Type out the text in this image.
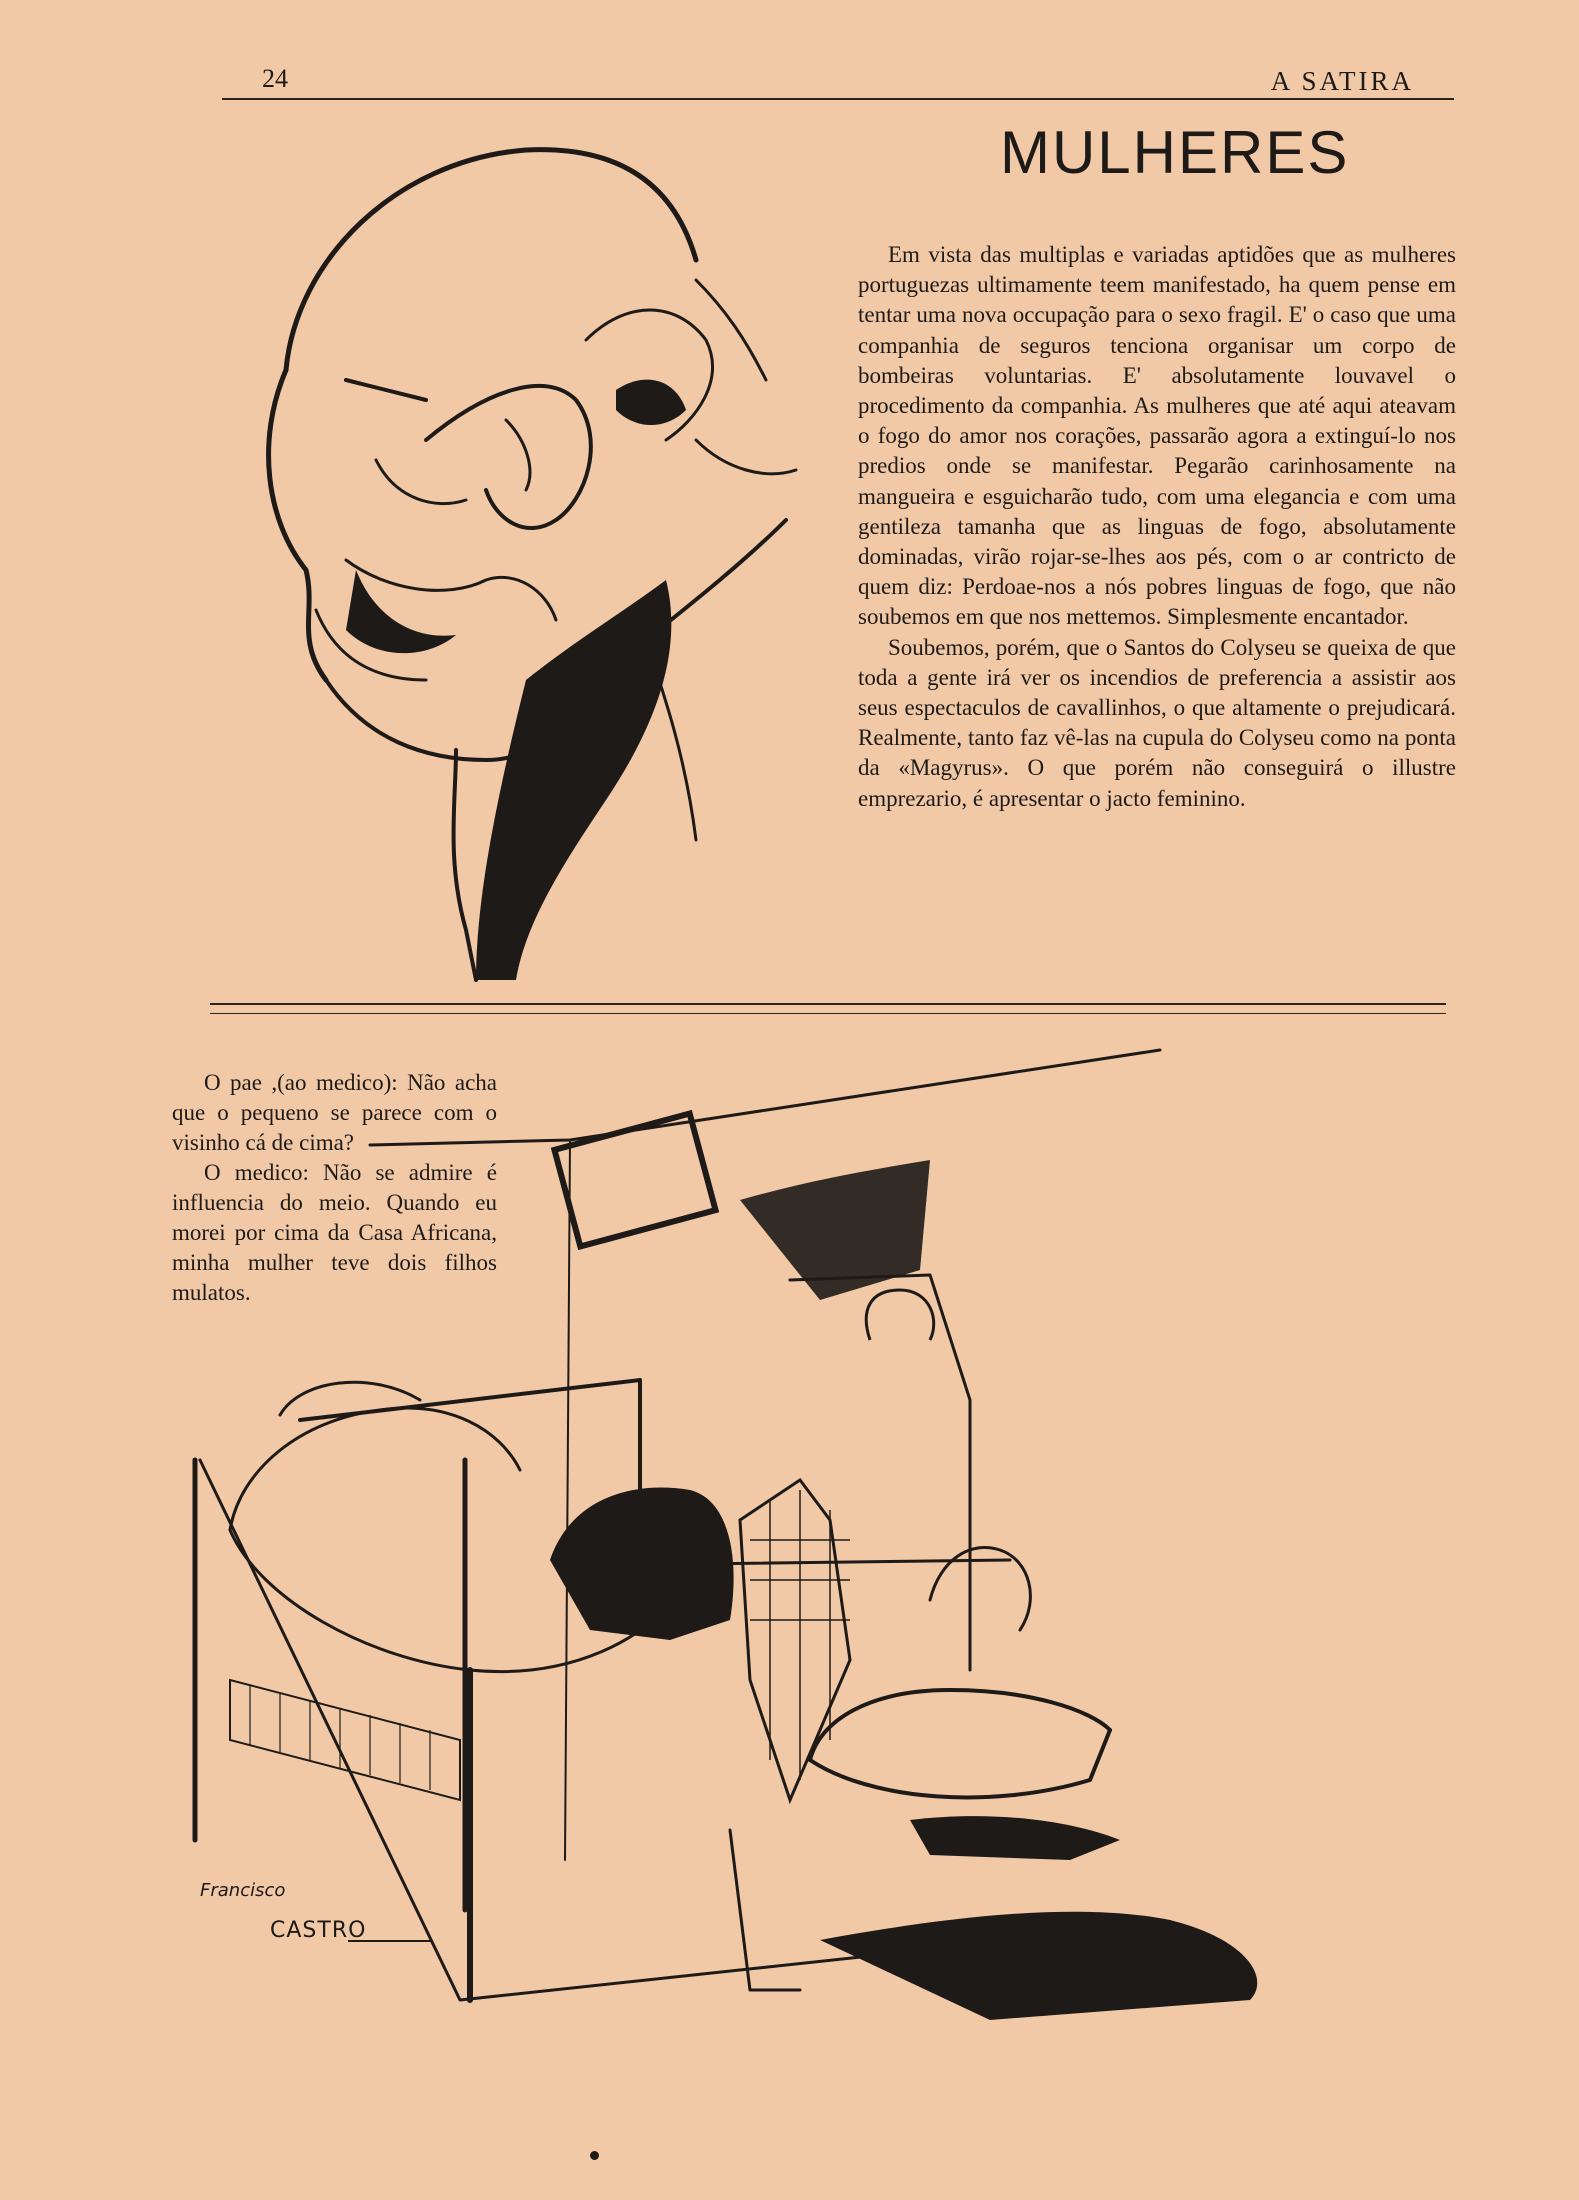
24	A SATIRA
MULHERES

Em vista das multiplas e variadas aptidões que as mulheres portuguezas ultimamente teem manifestado, ha quem pense em tentar uma nova occupação para o sexo fragil. E' o caso que uma companhia de seguros tenciona organisar um corpo de bombeiras voluntarias. E' absolutamente louvavel o procedimento da companhia. As mulheres que até aqui ateavam o fogo do amor nos corações, passarão agora a extinguí-lo nos predios onde se manifestar. Pegarão carinhosamente na mangueira e esguicharão tudo, com uma elegancia e com uma gentileza tamanha que as linguas de fogo, absolutamente dominadas, virão rojar-se-lhes aos pés, com o ar contricto de quem diz: Perdoae-nos a nós pobres linguas de fogo, que não soubemos em que nos mettemos. Simplesmente encantador.

Soubemos, porém, que o Santos do Colyseu se queixa de que toda a gente irá ver os incendios de preferencia a assistir aos seus espectaculos de cavallinhos, o que altamente o prejudicará. Realmente, tanto faz vê-las na cupula do Colyseu como na ponta da «Magyrus». O que porém não conseguirá o illustre emprezario, é apresentar o jacto feminino.

O pae ,(ao medico): Não acha que o pequeno se parece com o visinho cá de cima?

O medico: Não se admire é influencia do meio. Quando eu morei por cima da Casa Africana, minha mulher teve dois filhos mulatos.

Francisco
CASTRO
